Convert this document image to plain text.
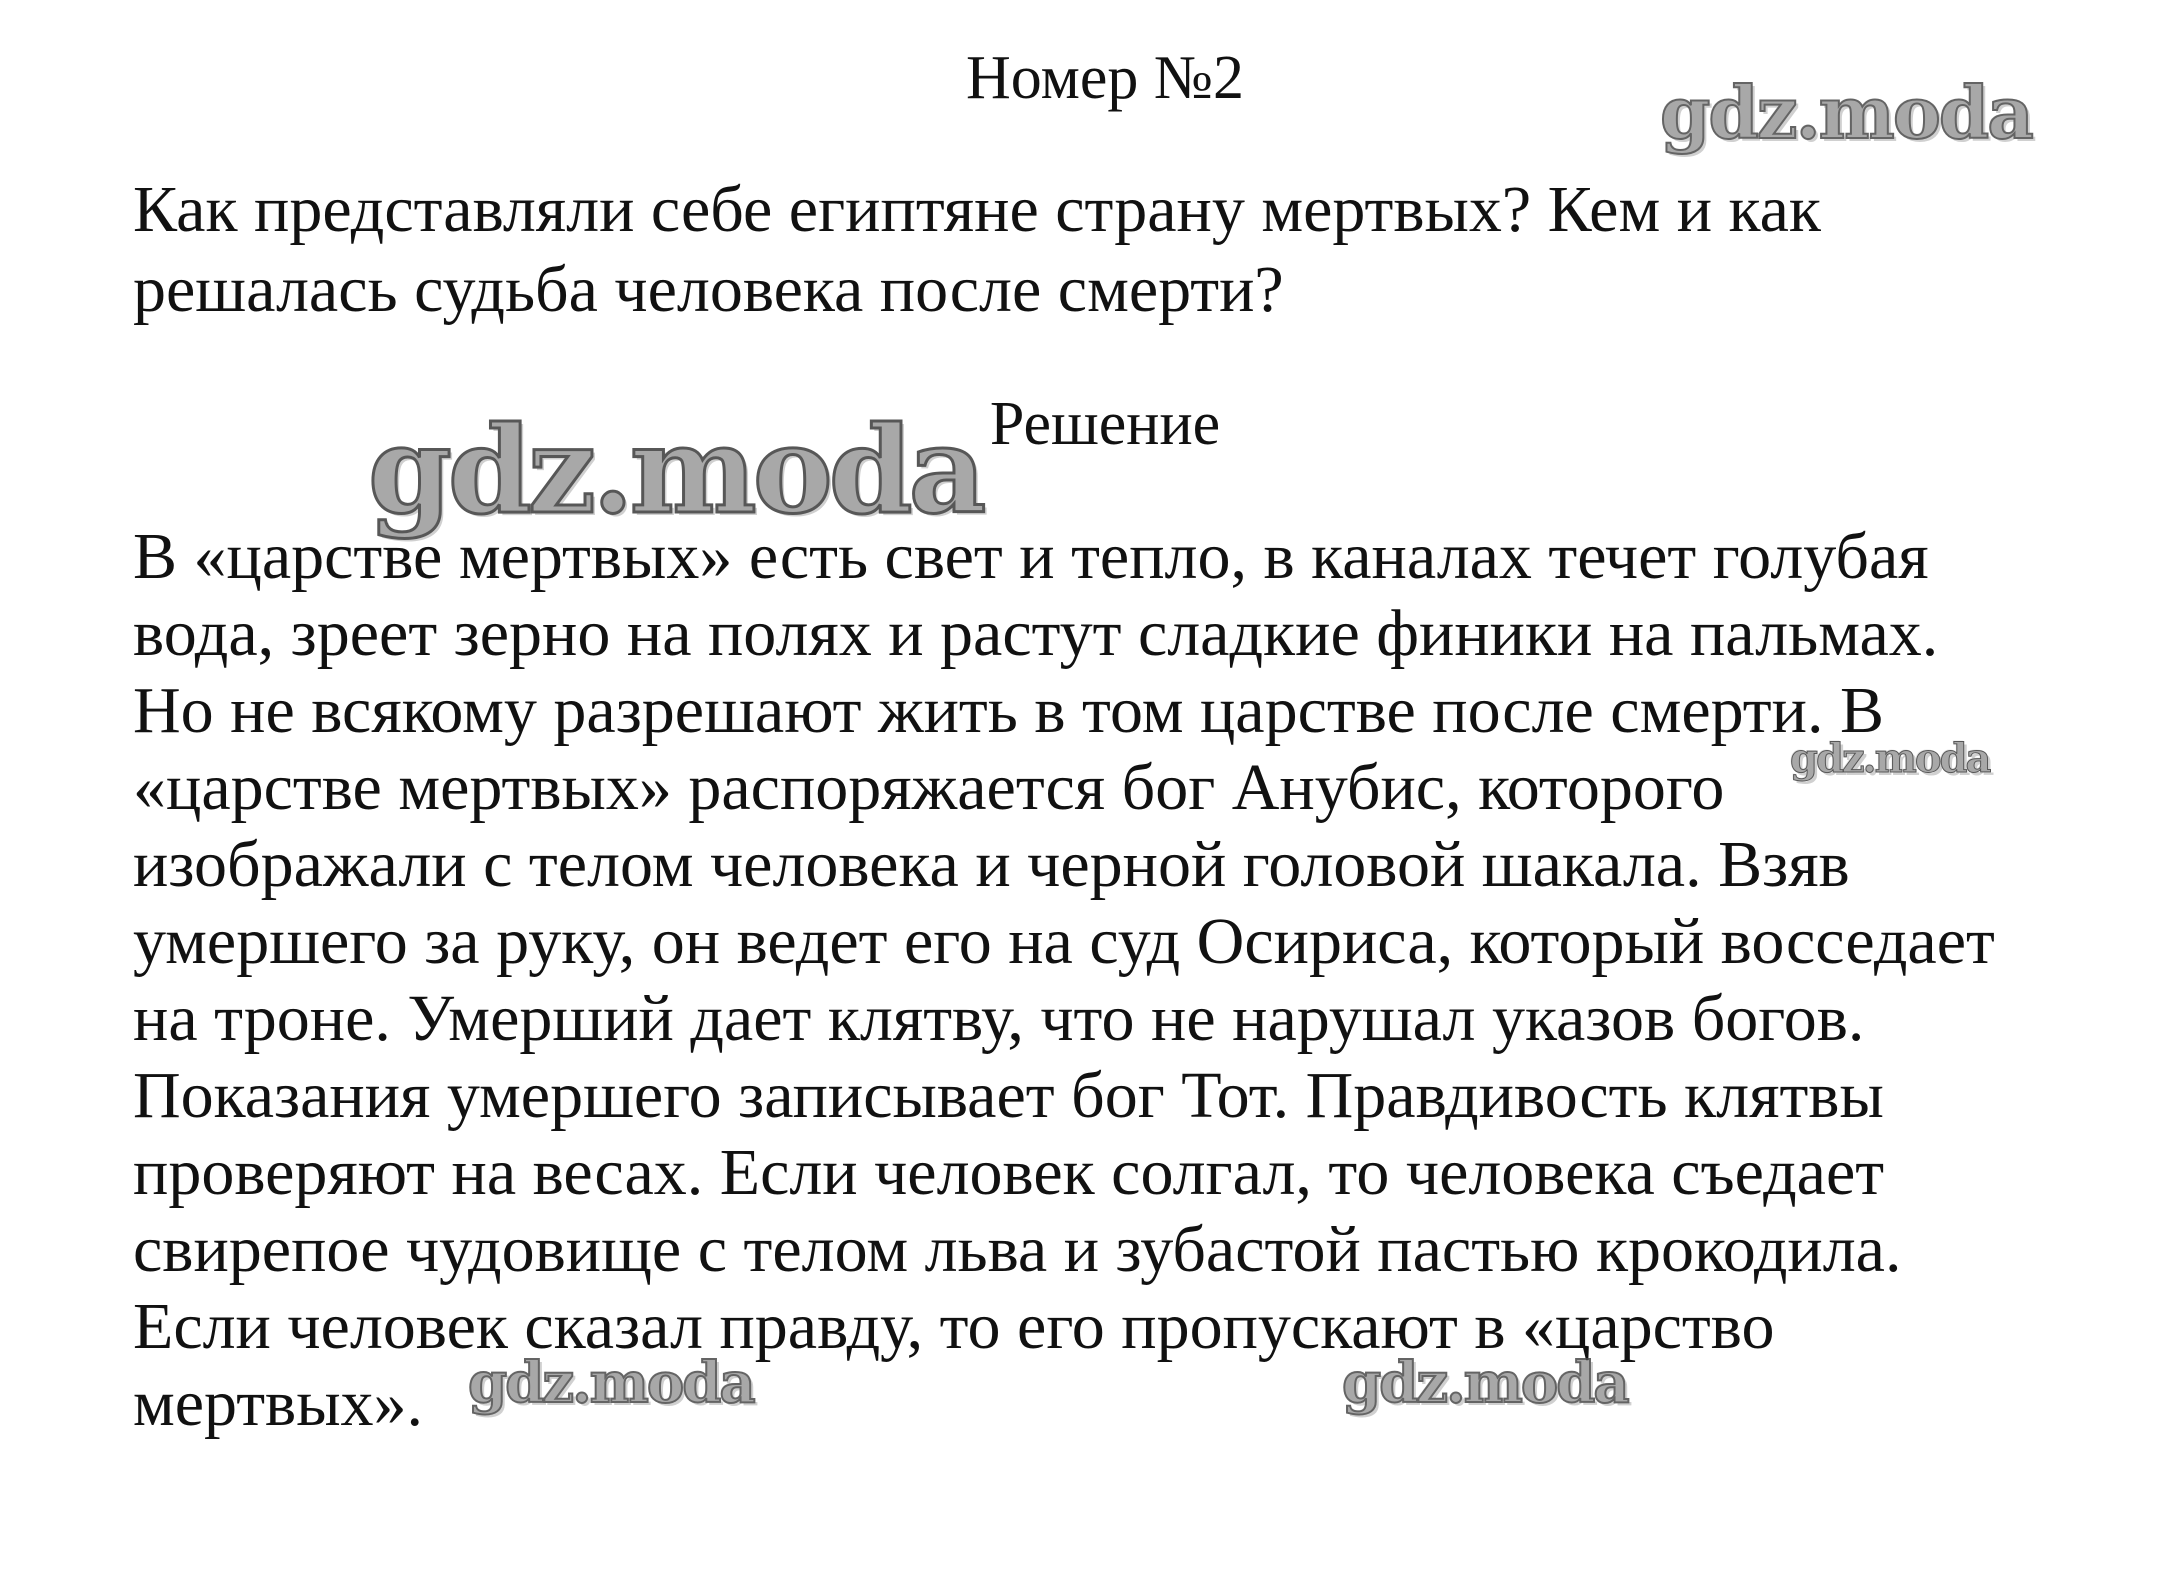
Номер №2
Как представляли себе египтяне страну мертвых? Кем и как
решалась судьба человека после смерти?
Решение
В «царстве мертвых» есть свет и тепло, в каналах течет голубая
вода, зреет зерно на полях и растут сладкие финики на пальмах.
Но не всякому разрешают жить в том царстве после смерти. В
«царстве мертвых» распоряжается бог Анубис, которого
изображали с телом человека и черной головой шакала. Взяв
умершего за руку, он ведет его на суд Осириса, который восседает
на троне. Умерший дает клятву, что не нарушал указов богов.
Показания умершего записывает бог Тот. Правдивость клятвы
проверяют на весах. Если человек солгал, то человека съедает
свирепое чудовище с телом льва и зубастой пастью крокодила.
Если человек сказал правду, то его пропускают в «царство
мертвых».
gdz.moda
gdz.moda
gdz.moda
gdz.moda	gdz.moda
